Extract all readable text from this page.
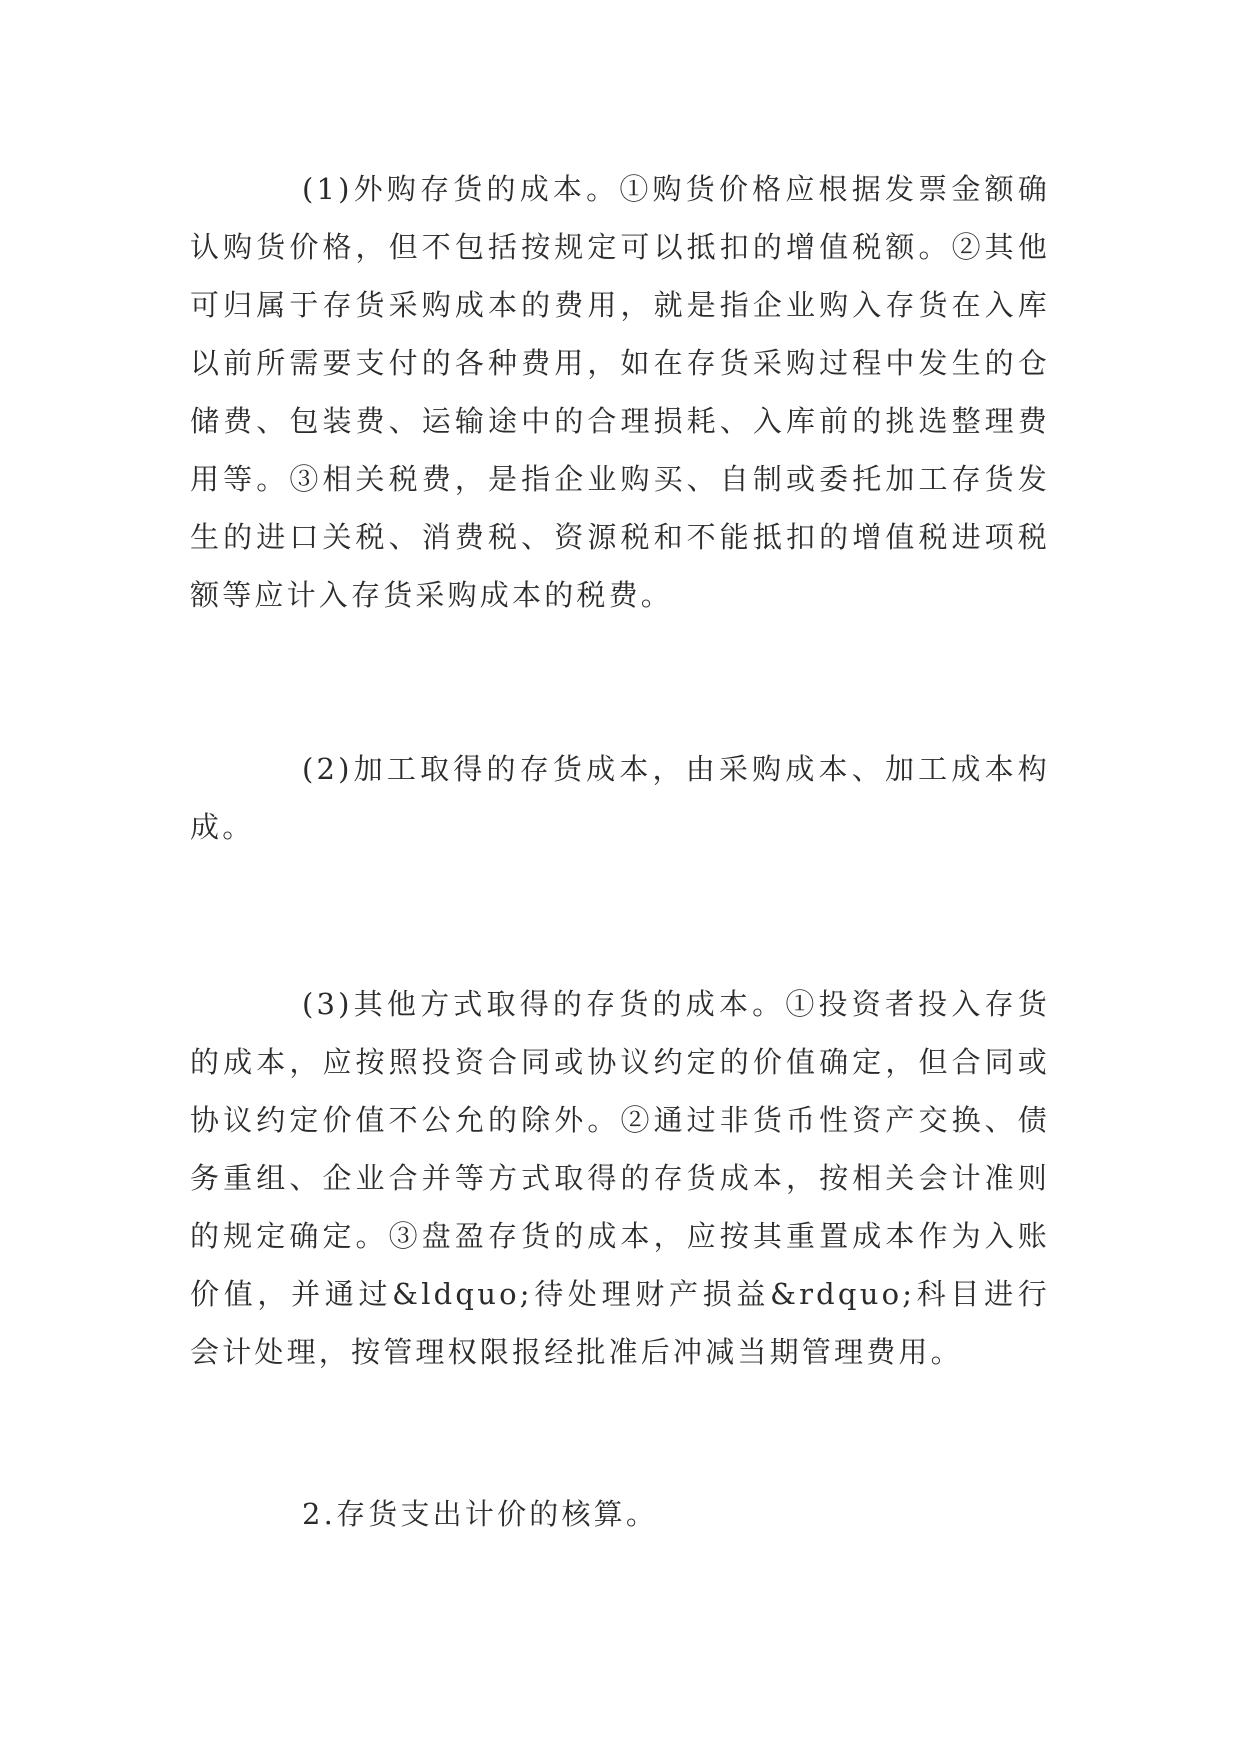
(1)外购存货的成本。①购货价格应根据发票金额确认购货价格，但不包括按规定可以抵扣的增值税额。②其他可归属于存货采购成本的费用，就是指企业购入存货在入库以前所需要支付的各种费用，如在存货采购过程中发生的仓储费、包装费、运输途中的合理损耗、入库前的挑选整理费用等。③相关税费，是指企业购买、自制或委托加工存货发生的进口关税、消费税、资源税和不能抵扣的增值税进项税额等应计入存货采购成本的税费。

(2)加工取得的存货成本，由采购成本、加工成本构成。

(3)其他方式取得的存货的成本。①投资者投入存货的成本，应按照投资合同或协议约定的价值确定，但合同或协议约定价值不公允的除外。②通过非货币性资产交换、债务重组、企业合并等方式取得的存货成本，按相关会计准则的规定确定。③盘盈存货的成本，应按其重置成本作为入账价值，并通过&ldquo;待处理财产损益&rdquo;科目进行会计处理，按管理权限报经批准后冲减当期管理费用。

2.存货支出计价的核算。
